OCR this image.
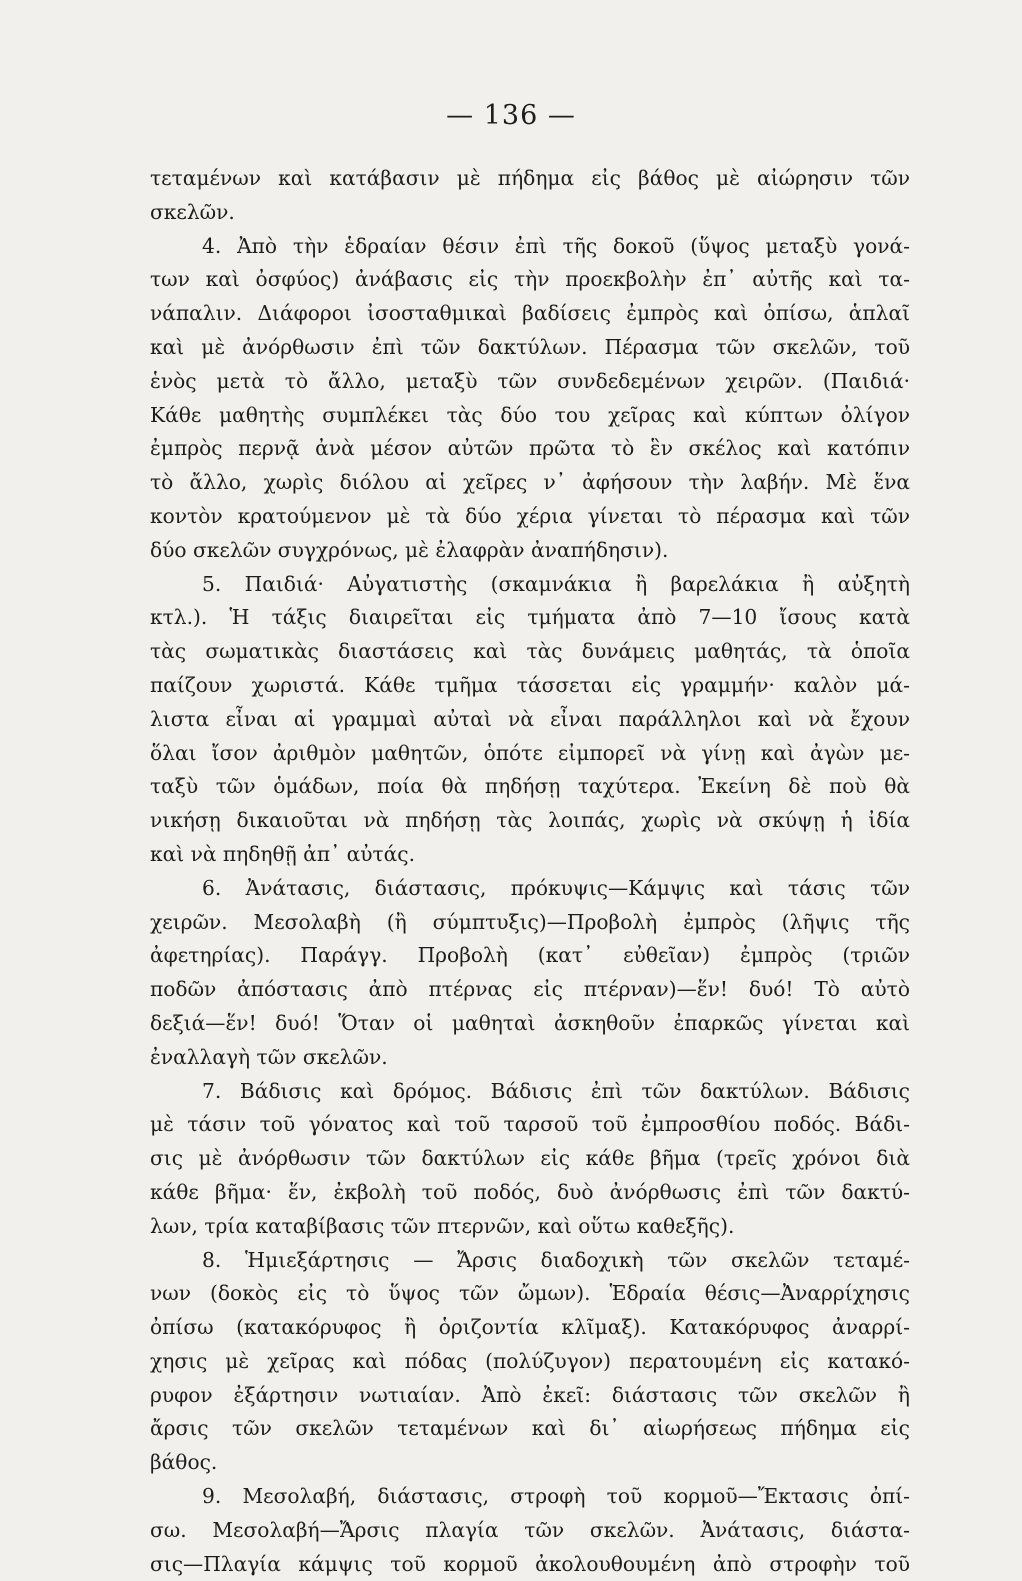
— 136 —
τεταμένων καὶ κατάβασιν μὲ πήδημα εἰς βάθος μὲ αἰώρησιν τῶν
σκελῶν.
4. Ἀπὸ τὴν ἑδραίαν θέσιν ἐπὶ τῆς δοκοῦ (ὕψος μεταξὺ γονά-
των καὶ ὀσφύος) ἀνάβασις εἰς τὴν προεκβολὴν ἐπ᾿ αὐτῆς καὶ τα-
νάπαλιν. Διάφοροι ἰσοσταθμικαὶ βαδίσεις ἐμπρὸς καὶ ὀπίσω, ἁπλαῖ
καὶ μὲ ἀνόρθωσιν ἐπὶ τῶν δακτύλων. Πέρασμα τῶν σκελῶν, τοῦ
ἑνὸς μετὰ τὸ ἄλλο, μεταξὺ τῶν συνδεδεμένων χειρῶν. (Παιδιά·
Κάθε μαθητὴς συμπλέκει τὰς δύο του χεῖρας καὶ κύπτων ὀλίγον
ἐμπρὸς περνᾷ ἀνὰ μέσον αὐτῶν πρῶτα τὸ ἓν σκέλος καὶ κατόπιν
τὸ ἄλλο, χωρὶς διόλου αἱ χεῖρες ν᾿ ἀφήσουν τὴν λαβήν. Μὲ ἕνα
κοντὸν κρατούμενον μὲ τὰ δύο χέρια γίνεται τὸ πέρασμα καὶ τῶν
δύο σκελῶν συγχρόνως, μὲ ἐλαφρὰν ἀναπήδησιν).
5. Παιδιά· Αὐγατιστὴς (σκαμνάκια ἢ βαρελάκια ἢ αὐξητὴ
κτλ.). Ἡ τάξις διαιρεῖται εἰς τμήματα ἀπὸ 7—10 ἴσους κατὰ
τὰς σωματικὰς διαστάσεις καὶ τὰς δυνάμεις μαθητάς, τὰ ὁποῖα
παίζουν χωριστά. Κάθε τμῆμα τάσσεται εἰς γραμμήν· καλὸν μά-
λιστα εἶναι αἱ γραμμαὶ αὐταὶ νὰ εἶναι παράλληλοι καὶ νὰ ἔχουν
ὅλαι ἴσον ἀριθμὸν μαθητῶν, ὁπότε εἰμπορεῖ νὰ γίνῃ καὶ ἀγὼν με-
ταξὺ τῶν ὁμάδων, ποία θὰ πηδήσῃ ταχύτερα. Ἐκείνη δὲ ποὺ θὰ
νικήσῃ δικαιοῦται νὰ πηδήσῃ τὰς λοιπάς, χωρὶς νὰ σκύψῃ ἡ ἰδία
καὶ νὰ πηδηθῇ ἀπ᾿ αὐτάς.
6. Ἀνάτασις, διάστασις, πρόκυψις—Κάμψις καὶ τάσις τῶν
χειρῶν. Μεσολαβὴ (ἢ σύμπτυξις)—Προβολὴ ἐμπρὸς (λῆψις τῆς
ἀφετηρίας). Παράγγ. Προβολὴ (κατ᾿ εὐθεῖαν) ἐμπρὸς (τριῶν
ποδῶν ἀπόστασις ἀπὸ πτέρνας εἰς πτέρναν)—ἕν! δυό! Τὸ αὐτὸ
δεξιά—ἕν! δυό! Ὅταν οἱ μαθηταὶ ἀσκηθοῦν ἐπαρκῶς γίνεται καὶ
ἐναλλαγὴ τῶν σκελῶν.
7. Βάδισις καὶ δρόμος. Βάδισις ἐπὶ τῶν δακτύλων. Βάδισις
μὲ τάσιν τοῦ γόνατος καὶ τοῦ ταρσοῦ τοῦ ἐμπροσθίου ποδός. Βάδι-
σις μὲ ἀνόρθωσιν τῶν δακτύλων εἰς κάθε βῆμα (τρεῖς χρόνοι διὰ
κάθε βῆμα· ἕν, ἐκβολὴ τοῦ ποδός, δυὸ ἀνόρθωσις ἐπὶ τῶν δακτύ-
λων, τρία καταβίβασις τῶν πτερνῶν, καὶ οὕτω καθεξῆς).
8. Ἡμιεξάρτησις — Ἄρσις διαδοχικὴ τῶν σκελῶν τεταμέ-
νων (δοκὸς εἰς τὸ ὕψος τῶν ὤμων). Ἑδραία θέσις—Ἀναρρίχησις
ὀπίσω (κατακόρυφος ἢ ὁριζοντία κλῖμαξ). Κατακόρυφος ἀναρρί-
χησις μὲ χεῖρας καὶ πόδας (πολύζυγον) περατουμένη εἰς κατακό-
ρυφον ἐξάρτησιν νωτιαίαν. Ἀπὸ ἐκεῖ: διάστασις τῶν σκελῶν ἢ
ἄρσις τῶν σκελῶν τεταμένων καὶ δι᾿ αἰωρήσεως πήδημα εἰς
βάθος.
9. Μεσολαβή, διάστασις, στροφὴ τοῦ κορμοῦ—Ἔκτασις ὀπί-
σω. Μεσολαβή—Ἄρσις πλαγία τῶν σκελῶν. Ἀνάτασις, διάστα-
σις—Πλαγία κάμψις τοῦ κορμοῦ ἀκολουθουμένη ἀπὸ στροφὴν τοῦ
